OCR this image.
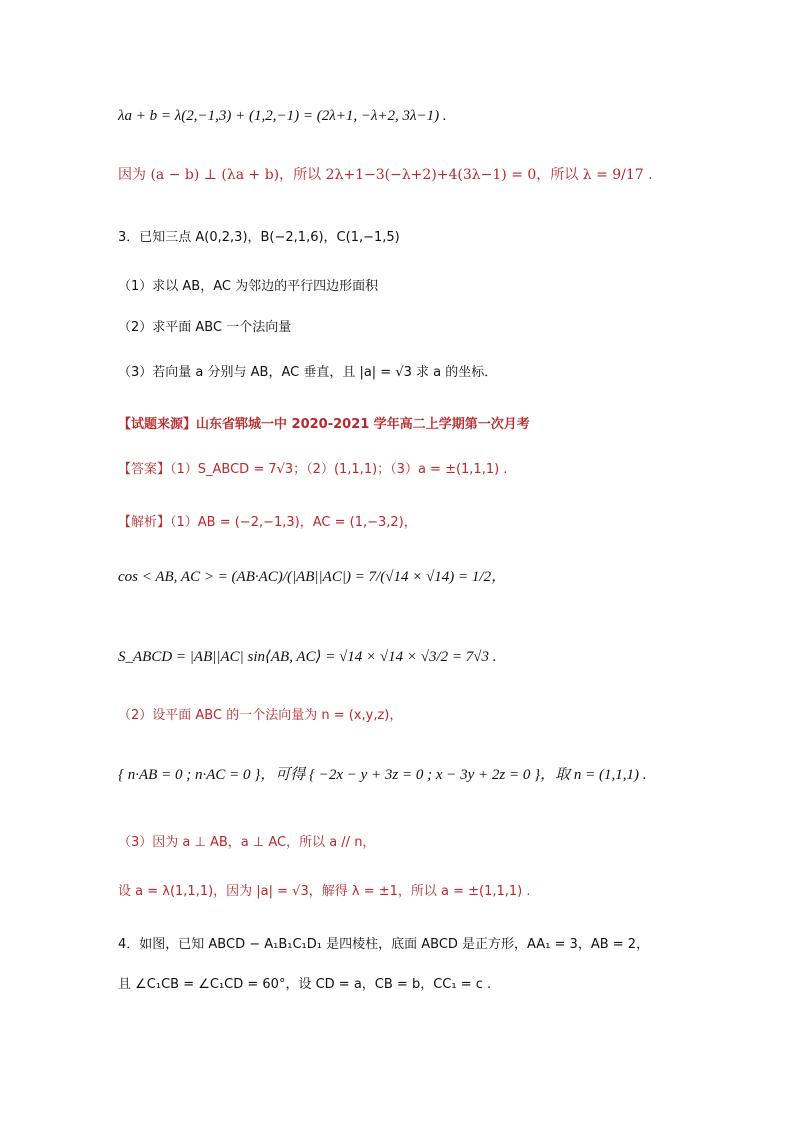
λa + b = λ(2,−1,3) + (1,2,−1) = (2λ+1, −λ+2, 3λ−1) .
因为 (a − b) ⊥ (λa + b)，所以 2λ+1−3(−λ+2)+4(3λ−1) = 0，所以 λ = 9/17 .
3．已知三点 A(0,2,3)，B(−2,1,6)，C(1,−1,5)
（1）求以 AB，AC 为邻边的平行四边形面积
（2）求平面 ABC 一个法向量
（3）若向量 a 分别与 AB，AC 垂直，且 |a| = √3 求 a 的坐标．
【试题来源】山东省郓城一中 2020-2021 学年高二上学期第一次月考
【答案】（1）S_ABCD = 7√3；（2）(1,1,1)；（3）a = ±(1,1,1) .
【解析】（1）AB = (−2,−1,3)，AC = (1,−3,2)，
cos < AB, AC > = (AB·AC)/(|AB||AC|) = 7/(√14 × √14) = 1/2，
S_ABCD = |AB||AC| sin⟨AB, AC⟩ = √14 × √14 × √3/2 = 7√3 .
（2）设平面 ABC 的一个法向量为 n = (x,y,z)，
{ n·AB = 0 ; n·AC = 0 }，可得 { −2x − y + 3z = 0 ; x − 3y + 2z = 0 }，取 n = (1,1,1) .
（3）因为 a ⊥ AB，a ⊥ AC，所以 a // n，
设 a = λ(1,1,1)，因为 |a| = √3，解得 λ = ±1，所以 a = ±(1,1,1) .
4．如图，已知 ABCD − A₁B₁C₁D₁ 是四棱柱，底面 ABCD 是正方形，AA₁ = 3，AB = 2，
且 ∠C₁CB = ∠C₁CD = 60°，设 CD = a，CB = b，CC₁ = c .
